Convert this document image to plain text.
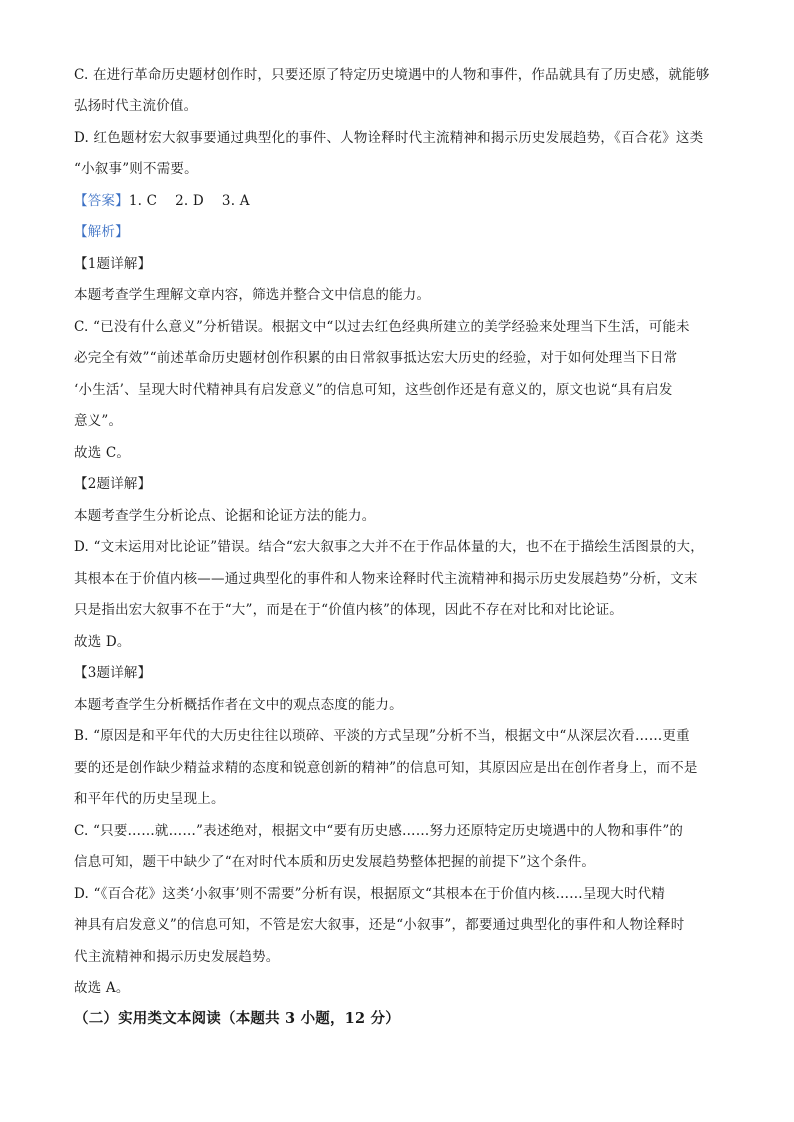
C. 在进行革命历史题材创作时，只要还原了特定历史境遇中的人物和事件，作品就具有了历史感，就能够
弘扬时代主流价值。
D. 红色题材宏大叙事要通过典型化的事件、人物诠释时代主流精神和揭示历史发展趋势，《百合花》这类
“小叙事”则不需要。
【答案】1. C 2. D 3. A
【解析】
【1题详解】
本题考查学生理解文章内容，筛选并整合文中信息的能力。
C. “已没有什么意义”分析错误。根据文中“以过去红色经典所建立的美学经验来处理当下生活，可能未
必完全有效”“前述革命历史题材创作积累的由日常叙事抵达宏大历史的经验，对于如何处理当下日常
‘小生活’、呈现大时代精神具有启发意义”的信息可知，这些创作还是有意义的，原文也说“具有启发
意义”。
故选 C。
【2题详解】
本题考查学生分析论点、论据和论证方法的能力。
D. “文末运用对比论证”错误。结合“宏大叙事之大并不在于作品体量的大，也不在于描绘生活图景的大，
其根本在于价值内核——通过典型化的事件和人物来诠释时代主流精神和揭示历史发展趋势”分析，文末
只是指出宏大叙事不在于“大”，而是在于“价值内核”的体现，因此不存在对比和对比论证。
故选 D。
【3题详解】
本题考查学生分析概括作者在文中的观点态度的能力。
B. “原因是和平年代的大历史往往以琐碎、平淡的方式呈现”分析不当，根据文中“从深层次看……更重
要的还是创作缺少精益求精的态度和锐意创新的精神”的信息可知，其原因应是出在创作者身上，而不是
和平年代的历史呈现上。
C. “只要……就……”表述绝对，根据文中“要有历史感……努力还原特定历史境遇中的人物和事件”的
信息可知，题干中缺少了“在对时代本质和历史发展趋势整体把握的前提下”这个条件。
D. “《百合花》这类‘小叙事’则不需要”分析有误，根据原文“其根本在于价值内核……呈现大时代精
神具有启发意义”的信息可知，不管是宏大叙事，还是“小叙事”，都要通过典型化的事件和人物诠释时
代主流精神和揭示历史发展趋势。
故选 A。
（二）实用类文本阅读（本题共 3 小题，12 分）
